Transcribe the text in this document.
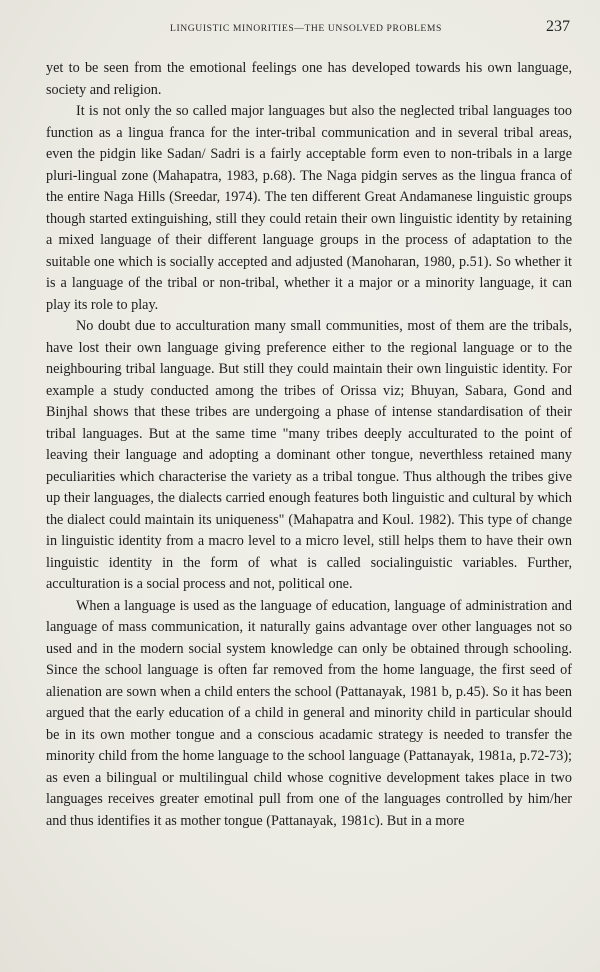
LINGUISTIC MINORITIES—THE UNSOLVED PROBLEMS	237

yet to be seen from the emotional feelings one has developed towards his own language, society and religion.

It is not only the so called major languages but also the neglected tribal languages too function as a lingua franca for the inter-tribal communication and in several tribal areas, even the pidgin like Sadan/ Sadri is a fairly acceptable form even to non-tribals in a large pluri-lingual zone (Mahapatra, 1983, p.68). The Naga pidgin serves as the lingua franca of the entire Naga Hills (Sreedar, 1974). The ten different Great Andamanese linguistic groups though started extinguishing, still they could retain their own linguistic identity by retaining a mixed language of their different language groups in the process of adaptation to the suitable one which is socially accepted and adjusted (Manoharan, 1980, p.51). So whether it is a language of the tribal or non-tribal, whether it a major or a minority language, it can play its role to play.

No doubt due to acculturation many small communities, most of them are the tribals, have lost their own language giving preference either to the regional language or to the neighbouring tribal language. But still they could maintain their own linguistic identity. For example a study conducted among the tribes of Orissa viz; Bhuyan, Sabara, Gond and Binjhal shows that these tribes are undergoing a phase of intense standardisation of their tribal languages. But at the same time "many tribes deeply acculturated to the point of leaving their language and adopting a dominant other tongue, neverthless retained many peculiarities which characterise the variety as a tribal tongue. Thus although the tribes give up their languages, the dialects carried enough features both linguistic and cultural by which the dialect could maintain its uniqueness" (Mahapatra and Koul. 1982). This type of change in linguistic identity from a macro level to a micro level, still helps them to have their own linguistic identity in the form of what is called socialinguistic variables. Further, acculturation is a social process and not, political one.

When a language is used as the language of education, language of administration and language of mass communication, it naturally gains advantage over other languages not so used and in the modern social system knowledge can only be obtained through schooling. Since the school language is often far removed from the home language, the first seed of alienation are sown when a child enters the school (Pattanayak, 1981 b, p.45). So it has been argued that the early education of a child in general and minority child in particular should be in its own mother tongue and a conscious acadamic strategy is needed to transfer the minority child from the home language to the school language (Pattanayak, 1981a, p.72-73); as even a bilingual or multilingual child whose cognitive development takes place in two languages receives greater emotinal pull from one of the languages controlled by him/her and thus identifies it as mother tongue (Pattanayak, 1981c). But in a more
